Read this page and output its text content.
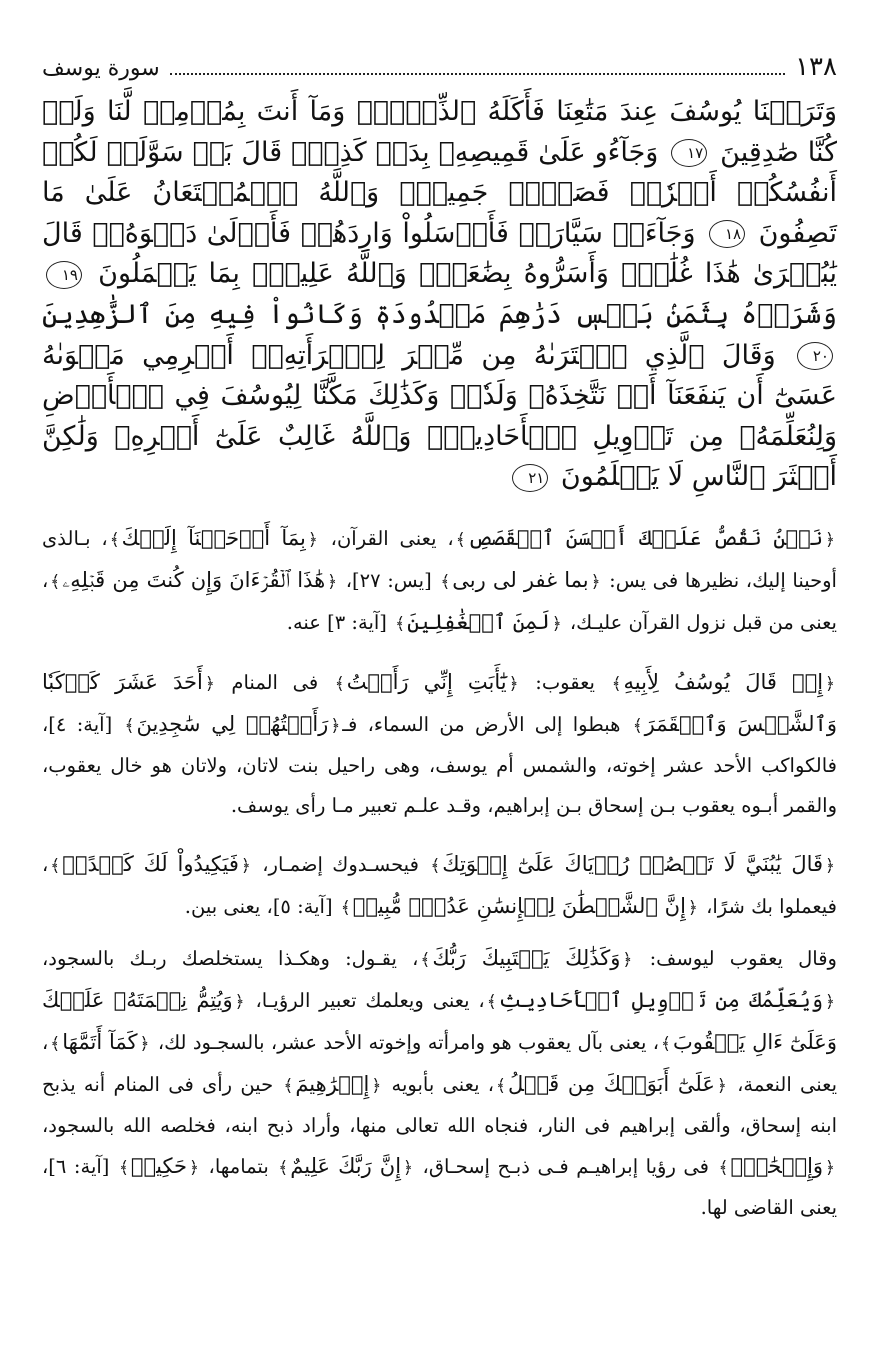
١٣٨
سورة يوسف
وَتَرَكۡنَا يُوسُفَ عِندَ مَتَٰعِنَا فَأَكَلَهُ ٱلذِّئۡبُۖ وَمَآ أَنتَ بِمُؤۡمِنٖ لَّنَا وَلَوۡ كُنَّا صَٰدِقِينَ ١٧ وَجَآءُو عَلَىٰ قَمِيصِهِۦ بِدَمٖ كَذِبٖۚ قَالَ بَلۡ سَوَّلَتۡ لَكُمۡ أَنفُسُكُمۡ أَمۡرٗاۖ فَصَبۡرٞ جَمِيلٞۖ وَٱللَّهُ ٱلۡمُسۡتَعَانُ عَلَىٰ مَا تَصِفُونَ ١٨ وَجَآءَتۡ سَيَّارَةٞ فَأَرۡسَلُواْ وَارِدَهُمۡ فَأَدۡلَىٰ دَلۡوَهُۥۖ قَالَ يَٰبُشۡرَىٰ هَٰذَا غُلَٰمٞۚ وَأَسَرُّوهُ بِضَٰعَةٗۚ وَٱللَّهُ عَلِيمُۢ بِمَا يَعۡمَلُونَ ١٩ وَشَرَوۡهُ بِثَمَنِۢ بَخۡسٖ دَرَٰهِمَ مَعۡدُودَةٖ وَكَانُواْ فِيهِ مِنَ ٱلزَّٰهِدِينَ ٢٠ وَقَالَ ٱلَّذِي ٱشۡتَرَىٰهُ مِن مِّصۡرَ لِٱمۡرَأَتِهِۦٓ أَكۡرِمِي مَثۡوَىٰهُ عَسَىٰٓ أَن يَنفَعَنَآ أَوۡ نَتَّخِذَهُۥ وَلَدٗاۚ وَكَذَٰلِكَ مَكَّنَّا لِيُوسُفَ فِي ٱلۡأَرۡضِ وَلِنُعَلِّمَهُۥ مِن تَأۡوِيلِ ٱلۡأَحَادِيثِۚ وَٱللَّهُ غَالِبٌ عَلَىٰٓ أَمۡرِهِۦ وَلَٰكِنَّ أَكۡثَرَ ٱلنَّاسِ لَا يَعۡلَمُونَ ٢١

﴿نَحۡنُ نَقُصُّ عَلَيۡكَ أَحۡسَنَ ٱلۡقَصَصِ﴾، يعنى القرآن، ﴿بِمَآ أَوۡحَيۡنَآ إِلَيۡكَ﴾، بـالذى أوحينا إليك، نظيرها فى يس: ﴿بما غفر لى ربى﴾ [يس: ٢٧]، ﴿هَٰذَا ٱلۡقُرۡءَانَ وَإِن كُنتَ مِن قَبۡلِهِۦ﴾، يعنى من قبل نزول القرآن عليـك، ﴿لَمِنَ ٱلۡغَٰفِلِينَ﴾ [آية: ٣] عنه.

﴿إِذۡ قَالَ يُوسُفُ لِأَبِيهِ﴾ يعقوب: ﴿يَٰٓأَبَتِ إِنِّي رَأَيۡتُ﴾ فى المنام ﴿أَحَدَ عَشَرَ كَوۡكَبٗا وَٱلشَّمۡسَ وَٱلۡقَمَرَ﴾ هبطوا إلى الأرض من السماء، فـ﴿رَأَيۡتُهُمۡ لِي سَٰجِدِينَ﴾ [آية: ٤]، فالكواكب الأحد عشر إخوته، والشمس أم يوسف، وهى راحيل بنت لاتان، ولاتان هو خال يعقوب، والقمر أبـوه يعقوب بـن إسحاق بـن إبراهيم، وقـد علـم تعبير مـا رأى يوسف.

﴿قَالَ يَٰبُنَيَّ لَا تَقۡصُصۡ رُءۡيَاكَ عَلَىٰٓ إِخۡوَتِكَ﴾ فيحسـدوك إضمـار، ﴿فَيَكِيدُواْ لَكَ كَيۡدًاۖ﴾، فيعملوا بك شرًا، ﴿إِنَّ ٱلشَّيۡطَٰنَ لِلۡإِنسَٰنِ عَدُوّٞ مُّبِينٞ﴾ [آية: ٥]، يعنى بين.

وقال يعقوب ليوسف: ﴿وَكَذَٰلِكَ يَجۡتَبِيكَ رَبُّكَ﴾، يقـول: وهكـذا يستخلصك ربـك بالسجود، ﴿وَيُعَلِّمُكَ مِن تَأۡوِيلِ ٱلۡأَحَادِيثِ﴾، يعنى ويعلمك تعبير الرؤيـا، ﴿وَيُتِمُّ نِعۡمَتَهُۥ عَلَيۡكَ وَعَلَىٰٓ ءَالِ يَعۡقُوبَ﴾، يعنى بآل يعقوب هو وامرأته وإخوته الأحد عشر، بالسجـود لك، ﴿كَمَآ أَتَمَّهَا﴾، يعنى النعمة، ﴿عَلَىٰٓ أَبَوَيۡكَ مِن قَبۡلُ﴾، يعنى بأبويه ﴿إِبۡرَٰهِيمَ﴾ حين رأى فى المنام أنه يذبح ابنه إسحاق، وألقى إبراهيم فى النار، فنجاه الله تعالى منها، وأراد ذبح ابنه، فخلصه الله بالسجود، ﴿وَإِسۡحَٰقَۚ﴾ فى رؤيا إبراهيـم فـى ذبـح إسحـاق، ﴿إِنَّ رَبَّكَ عَلِيمٌ﴾ بتمامها، ﴿حَكِيمٞ﴾ [آية: ٦]، يعنى القاضى لها.
